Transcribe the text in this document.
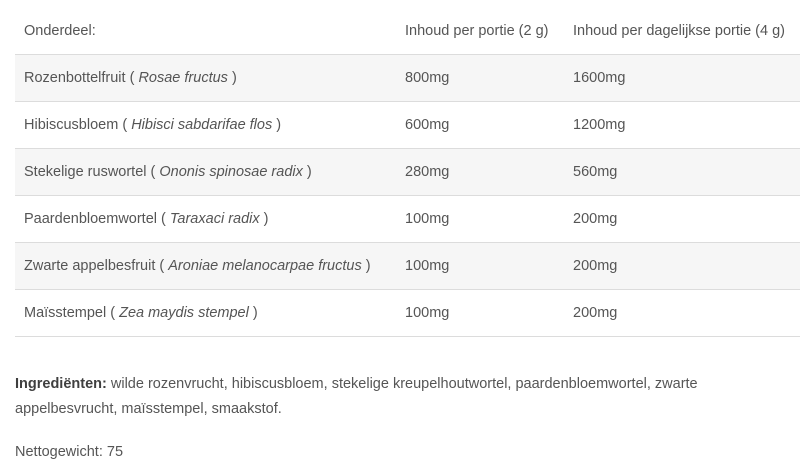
Onderdeel:	Inhoud per portie (2 g)	Inhoud per dagelijkse portie (4 g)
Rozenbottelfruit ( Rosae fructus )	800mg	1600mg
Hibiscusbloem ( Hibisci sabdarifae flos )	600mg	1200mg
Stekelige ruswortel ( Ononis spinosae radix )	280mg	560mg
Paardenbloemwortel ( Taraxaci radix )	100mg	200mg
Zwarte appelbesfruit ( Aroniae melanocarpae fructus )	100mg	200mg
Maïsstempel ( Zea maydis stempel )	100mg	200mg
Ingrediënten: wilde rozenvrucht, hibiscusbloem, stekelige kreupelhoutwortel, paardenbloemwortel, zwarte appelbesvrucht, maïsstempel, smaakstof.
Nettogewicht: 75
